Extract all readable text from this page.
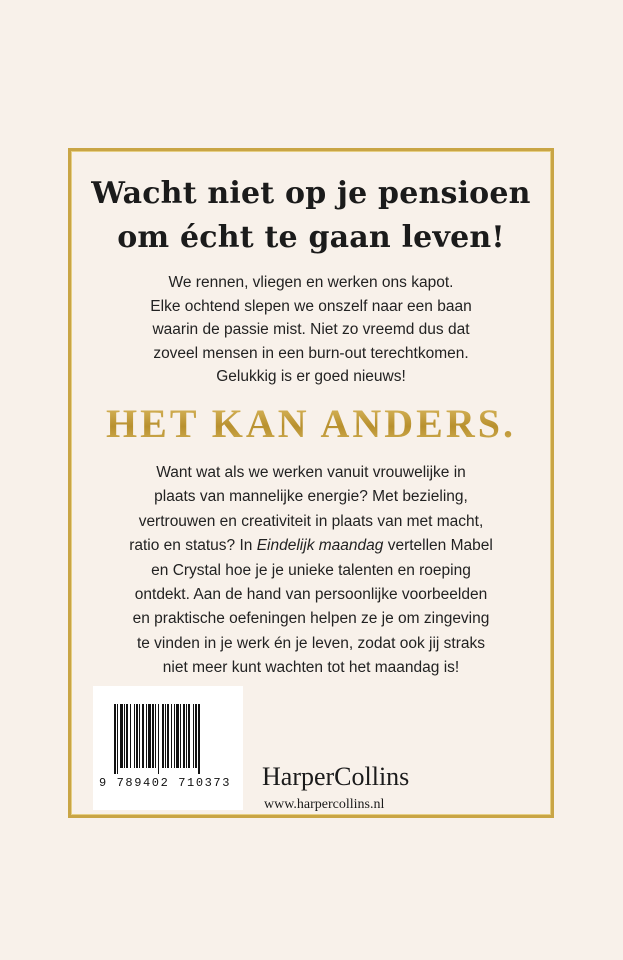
Wacht niet op je pensioen
om écht te gaan leven!

We rennen, vliegen en werken ons kapot.
Elke ochtend slepen we onszelf naar een baan
waarin de passie mist. Niet zo vreemd dus dat
zoveel mensen in een burn-out terechtkomen.
Gelukkig is er goed nieuws!

HET KAN ANDERS.

Want wat als we werken vanuit vrouwelijke in
plaats van mannelijke energie? Met bezieling,
vertrouwen en creativiteit in plaats van met macht,
ratio en status? In Eindelijk maandag vertellen Mabel
en Crystal hoe je je unieke talenten en roeping
ontdekt. Aan de hand van persoonlijke voorbeelden
en praktische oefeningen helpen ze je om zingeving
te vinden in je werk én je leven, zodat ook jij straks
niet meer kunt wachten tot het maandag is!

9 789402 710373	HarperCollins

www.harpercollins.nl
